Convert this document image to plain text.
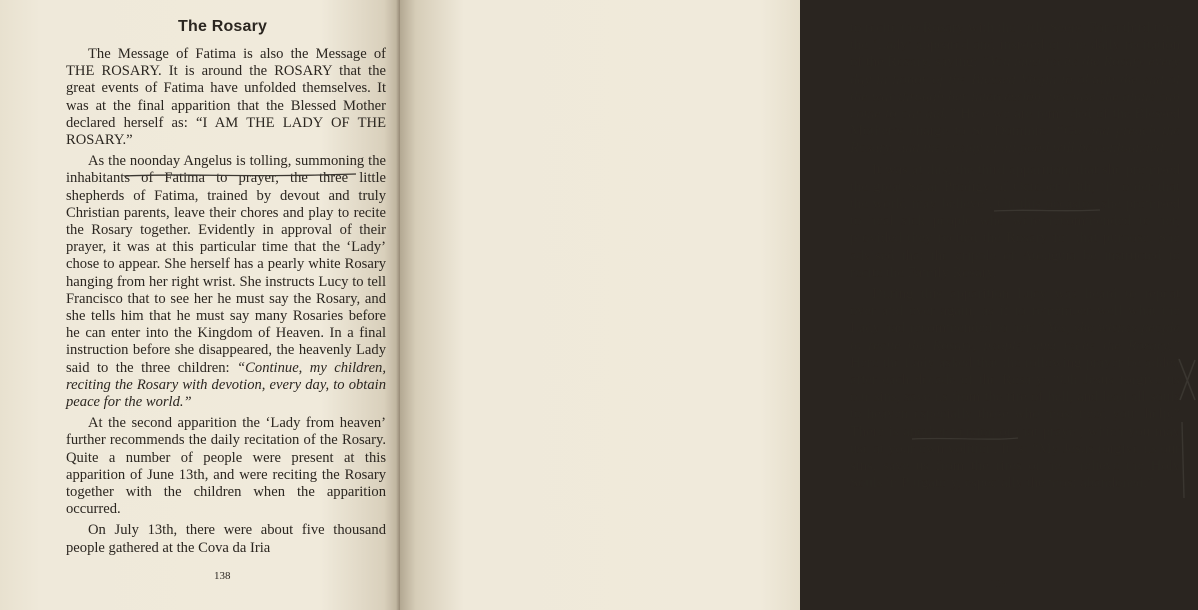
The Rosary

The Message of Fatima is also the Message of THE ROSARY. It is around the ROSARY that the great events of Fatima have unfolded themselves. It was at the final apparition that the Blessed Mother declared herself as: “I AM THE LADY OF THE ROSARY.”

As the noonday Angelus is tolling, summoning the inhabitants of Fatima to prayer, the three little shepherds of Fatima, trained by devout and truly Christian parents, leave their chores and play to recite the Rosary together. Evidently in approval of their prayer, it was at this particular time that the ‘Lady’ chose to appear. She herself has a pearly white Rosary hanging from her right wrist. She instructs Lucy to tell Francisco that to see her he must say the Rosary, and she tells him that he must say many Rosaries before he can enter into the Kingdom of Heaven. In a final instruction before she disappeared, the heavenly Lady said to the three children: “Continue, my children, reciting the Rosary with devotion, every day, to obtain peace for the world.”

At the second apparition the ‘Lady from heaven’ further recommends the daily recitation of the Rosary. Quite a number of people were present at this apparition of June 13th, and were reciting the Rosary together with the children when the apparition occurred.

On July 13th, there were about five thousand people gathered at the Cova da Iria

138

to recite the Rosary with the little Seers. For a third time the ‘Lady’ appeared and insisted on the daily recitation of the Rosary, saying: “You must recite the Rosary every day in honor of the Blessed Virgin to obtain the end of the war through her intercession, because she alone can come to our aid.” Here we are reminded of the Blessed Mother’s charge to St. Dominic: “Go and preach the Rosary, and the enemy of all good will be confounded.”

It was at this, the third apparition, that she promised the great Solar Prodigy of October 13th, ‘in order that the world may believe’. On this occasion she promised to heal sick people who were recommended to her, provided they recited the Rosary for that purpose. She advised that the cripple of Atouguia be instructed to recite the Family Rosary.

During this apparition Lucy was heard to repeat over and over again, as if to remember well what the Lady had recommended to her: “Yes, she wishes people to recite the Rosary, people must recite the Rosary.” Here the Lady asked that the following prayer be added after each decade of the Rosary: “Oh Jesus forgive us our sins, save us from the fire of hell, and lead all souls to heaven especially those who most need your help.” There is another version of that prayer, which you may use at your own volition. It is: “My Jesus forgive us our sins, save us from the fires of hell, relieve the Holy Souls in Purgatory, especially the most abandoned.”

139
